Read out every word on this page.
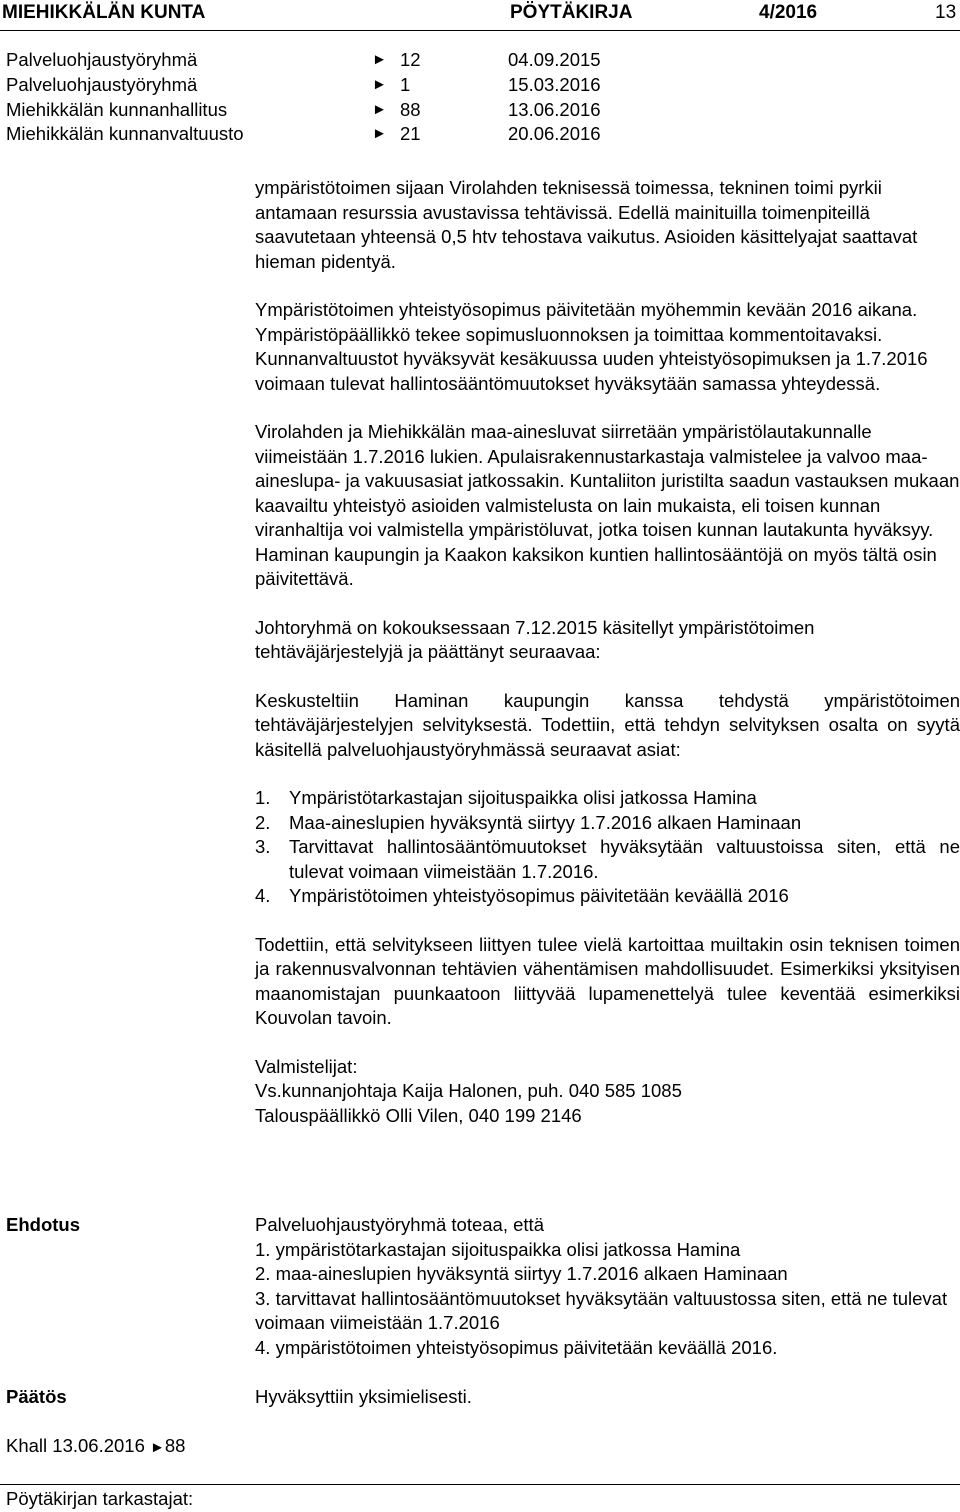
MIEHIKKÄLÄN KUNTA	PÖYTÄKIRJA	4/2016	13
Palveluohjaustyöryhmä	► 12	04.09.2015
Palveluohjaustyöryhmä	► 1	15.03.2016
Miehikkälän kunnanhallitus	► 88	13.06.2016
Miehikkälän kunnanvaltuusto	► 21	20.06.2016

ympäristötoimen sijaan Virolahden teknisessä toimessa, tekninen toimi pyrkii antamaan resurssia avustavissa tehtävissä. Edellä mainituilla toimenpiteillä saavutetaan yhteensä 0,5 htv tehostava vaikutus. Asioiden käsittelyajat saattavat hieman pidentyä.

Ympäristötoimen yhteistyösopimus päivitetään myöhemmin kevään 2016 aikana. Ympäristöpäällikkö tekee sopimusluonnoksen ja toimittaa kommentoitavaksi. Kunnanvaltuustot hyväksyvät kesäkuussa uuden yhteistyösopimuksen ja 1.7.2016 voimaan tulevat hallintosääntömuutokset hyväksytään samassa yhteydessä.

Virolahden ja Miehikkälän maa-ainesluvat siirretään ympäristölautakunnalle viimeistään 1.7.2016 lukien. Apulaisrakennustarkastaja valmistelee ja valvoo maa-aineslupa- ja vakuusasiat jatkossakin. Kuntaliiton juristilta saadun vastauksen mukaan kaavailtu yhteistyö asioiden valmistelusta on lain mukaista, eli toisen kunnan viranhaltija voi valmistella ympäristöluvat, jotka toisen kunnan lautakunta hyväksyy. Haminan kaupungin ja Kaakon kaksikon kuntien hallintosääntöjä on myös tältä osin päivitettävä.

Johtoryhmä on kokouksessaan 7.12.2015 käsitellyt ympäristötoimen tehtäväjärjestelyjä ja päättänyt seuraavaa:

Keskusteltiin Haminan kaupungin kanssa tehdystä ympäristötoimen tehtäväjärjestelyjen selvityksestä. Todettiin, että tehdyn selvityksen osalta on syytä käsitellä palveluohjaustyöryhmässä seuraavat asiat:

1. Ympäristötarkastajan sijoituspaikka olisi jatkossa Hamina
2. Maa-aineslupien hyväksyntä siirtyy 1.7.2016 alkaen Haminaan
3. Tarvittavat hallintosääntömuutokset hyväksytään valtuustoissa siten, että ne tulevat voimaan viimeistään 1.7.2016.
4. Ympäristötoimen yhteistyösopimus päivitetään keväällä 2016

Todettiin, että selvitykseen liittyen tulee vielä kartoittaa muiltakin osin teknisen toimen ja rakennusvalvonnan tehtävien vähentämisen mahdollisuudet. Esimerkiksi yksityisen maanomistajan puunkaatoon liittyvää lupamenettelyä tulee keventää esimerkiksi Kouvolan tavoin.

Valmistelijat:
Vs.kunnanjohtaja Kaija Halonen, puh. 040 585 1085
Talouspäällikkö Olli Vilen, 040 199 2146
Ehdotus	Palveluohjaustyöryhmä toteaa, että
1. ympäristötarkastajan sijoituspaikka olisi jatkossa Hamina
2. maa-aineslupien hyväksyntä siirtyy 1.7.2016 alkaen Haminaan
3. tarvittavat hallintosääntömuutokset hyväksytään valtuustossa siten, että ne tulevat voimaan viimeistään 1.7.2016
4. ympäristötoimen yhteistyösopimus päivitetään keväällä 2016.
Päätös	Hyväksyttiin yksimielisesti.
Khall 13.06.2016 ►88
Pöytäkirjan tarkastajat:
